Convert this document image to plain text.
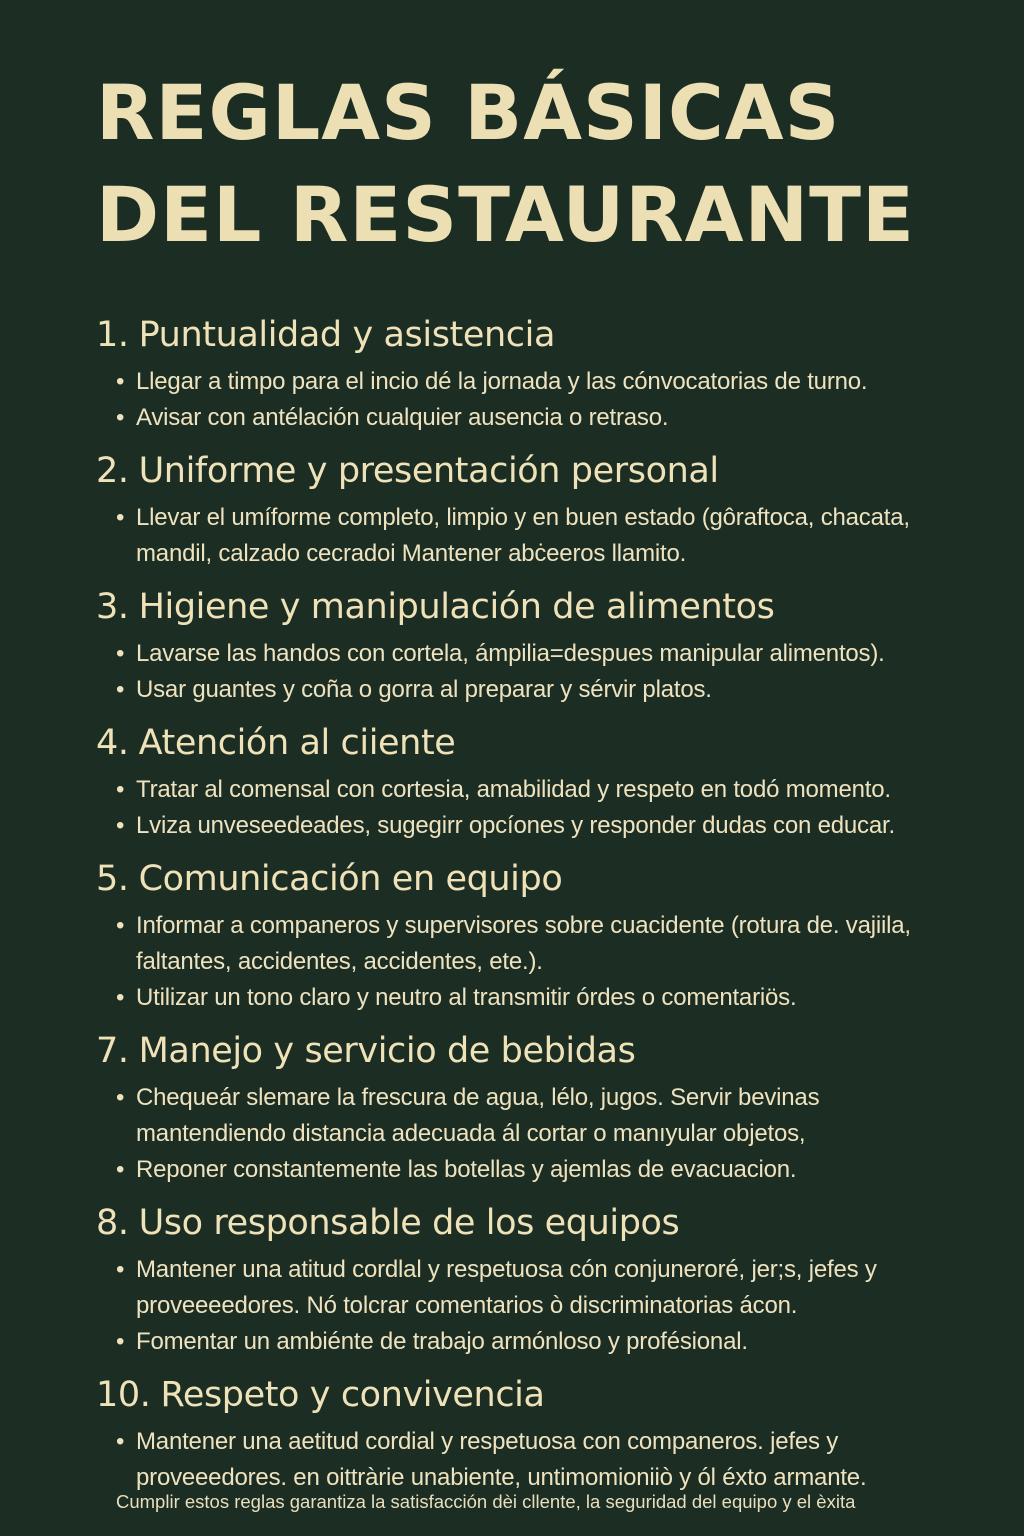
REGLAS BÁSICAS
DEL RESTAURANTE
1. Puntualidad y asistencia
• Llegar a timpo para el incio dé la jornada y las cónvocatorias de turno.
• Avisar con antélación cualquier ausencia o retraso.
2. Uniforme y presentación personal
• Llevar el umíforme completo, limpio y en buen estado (gôraftoca, chacata, mandil, calzado cecradoi Mantener abċeeros llamito.
3. Higiene y manipulación de alimentos
• Lavarse las handos con cortela, ámpilia=despues manipular alimentos).
• Usar guantes y coña o gorra al preparar y sérvir platos.
4. Atención al ciiente
• Tratar al comensal con cortesia, amabilidad y respeto en todó momento.
• Lviza unveseedeades, sugegirr opcíones y responder dudas con educar.
5. Comunicación en equipo
• Informar a companeros y supervisores sobre cuacidente (rotura de. vajiila, faltantes, accidentes, accidentes, ete.).
• Utilizar un tono claro y neutro al transmitir órdes o comentariös.
7. Manejo y servicio de bebidas
• Chequeár slemare la frescura de agua, lélo, jugos. Servir bevinas mantendiendo distancia adecuada ál cortar o manıyular objetos,
• Reponer constantemente las botellas y ajemlas de evacuacion.
8. Uso responsable de los equipos
• Mantener una atitud cordlal y respetuosa cón conjuneroré, jer;s, jefes y proveeeedores. Nó tolcrar comentarios ò discriminatorias ácon.
• Fomentar un ambiénte de trabajo armónloso y profésional.
10. Respeto y convivencia
• Mantener una aetitud cordial y respetuosa con companeros. jefes y proveeedores. en oittràrie unabiente, untimomioniiò y ól éxto armante.
Cumplir estos reglas garantiza la satisfacción dèi cllente, la seguridad del equipo y el èxita
